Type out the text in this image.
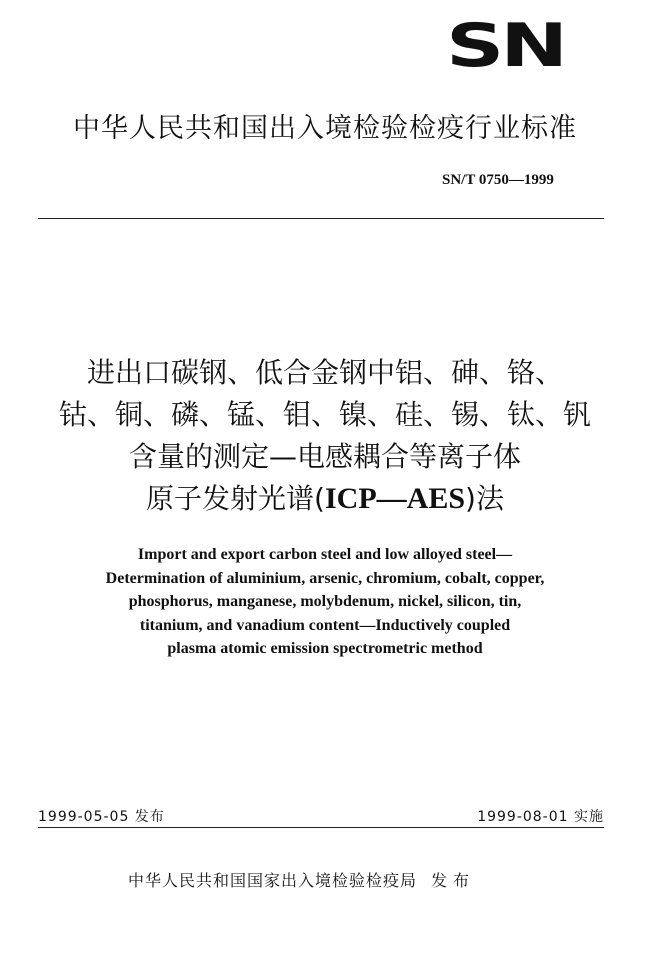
SN
中华人民共和国出入境检验检疫行业标准
SN/T 0750—1999
进出口碳钢、低合金钢中铝、砷、铬、
钴、铜、磷、锰、钼、镍、硅、锡、钛、钒
含量的测定—电感耦合等离子体
原子发射光谱(ICP—AES)法
Import and export carbon steel and low alloyed steel—
Determination of aluminium, arsenic, chromium, cobalt, copper,
phosphorus, manganese, molybdenum, nickel, silicon, tin,
titanium, and vanadium content—Inductively coupled
plasma atomic emission spectrometric method
1999-05-05 发布	1999-08-01 实施
中华人民共和国国家出入境检验检疫局 发布
